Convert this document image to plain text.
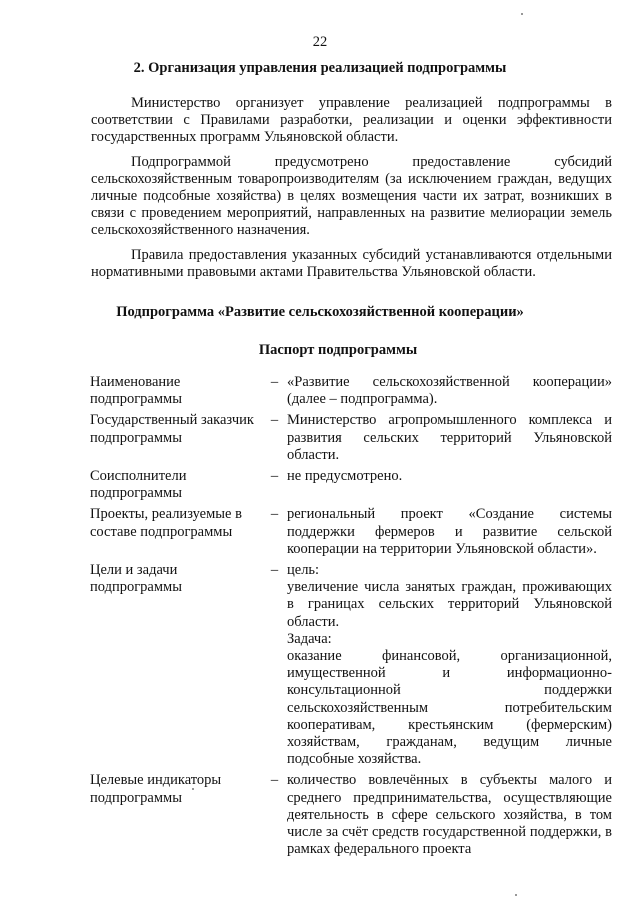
22
2. Организация управления реализацией подпрограммы

Министерство организует управление реализацией подпрограммы в соответствии с Правилами разработки, реализации и оценки эффективности государственных программ Ульяновской области.

Подпрограммой предусмотрено предоставление субсидий сельскохозяйственным товаропроизводителям (за исключением граждан, ведущих личные подсобные хозяйства) в целях возмещения части их затрат, возникших в связи с проведением мероприятий, направленных на развитие мелиорации земель сельскохозяйственного назначения.

Правила предоставления указанных субсидий устанавливаются отдельными нормативными правовыми актами Правительства Ульяновской области.

Подпрограмма «Развитие сельскохозяйственной кооперации»
Паспорт подпрограммы
Наименование подпрограммы
– «Развитие сельскохозяйственной кооперации» (далее – подпрограмма).
Государственный заказчик подпрограммы
– Министерство агропромышленного комплекса и развития сельских территорий Ульяновской области.
Соисполнители подпрограммы
– не предусмотрено.
Проекты, реализуемые в составе подпрограммы
– региональный проект «Создание системы поддержки фермеров и развитие сельской кооперации на территории Ульяновской области».
Цели и задачи подпрограммы
– цель:
увеличение числа занятых граждан, проживающих в границах сельских территорий Ульяновской области.
Задача:
оказание финансовой, организационной, имущественной и информационно-консультационной поддержки сельскохозяйственным потребительским кооперативам, крестьянским (фермерским) хозяйствам, гражданам, ведущим личные подсобные хозяйства.
Целевые индикаторы подпрограммы
– количество вовлечённых в субъекты малого и среднего предпринимательства, осуществляющие деятельность в сфере сельского хозяйства, в том числе за счёт средств государственной поддержки, в рамках федерального проекта
